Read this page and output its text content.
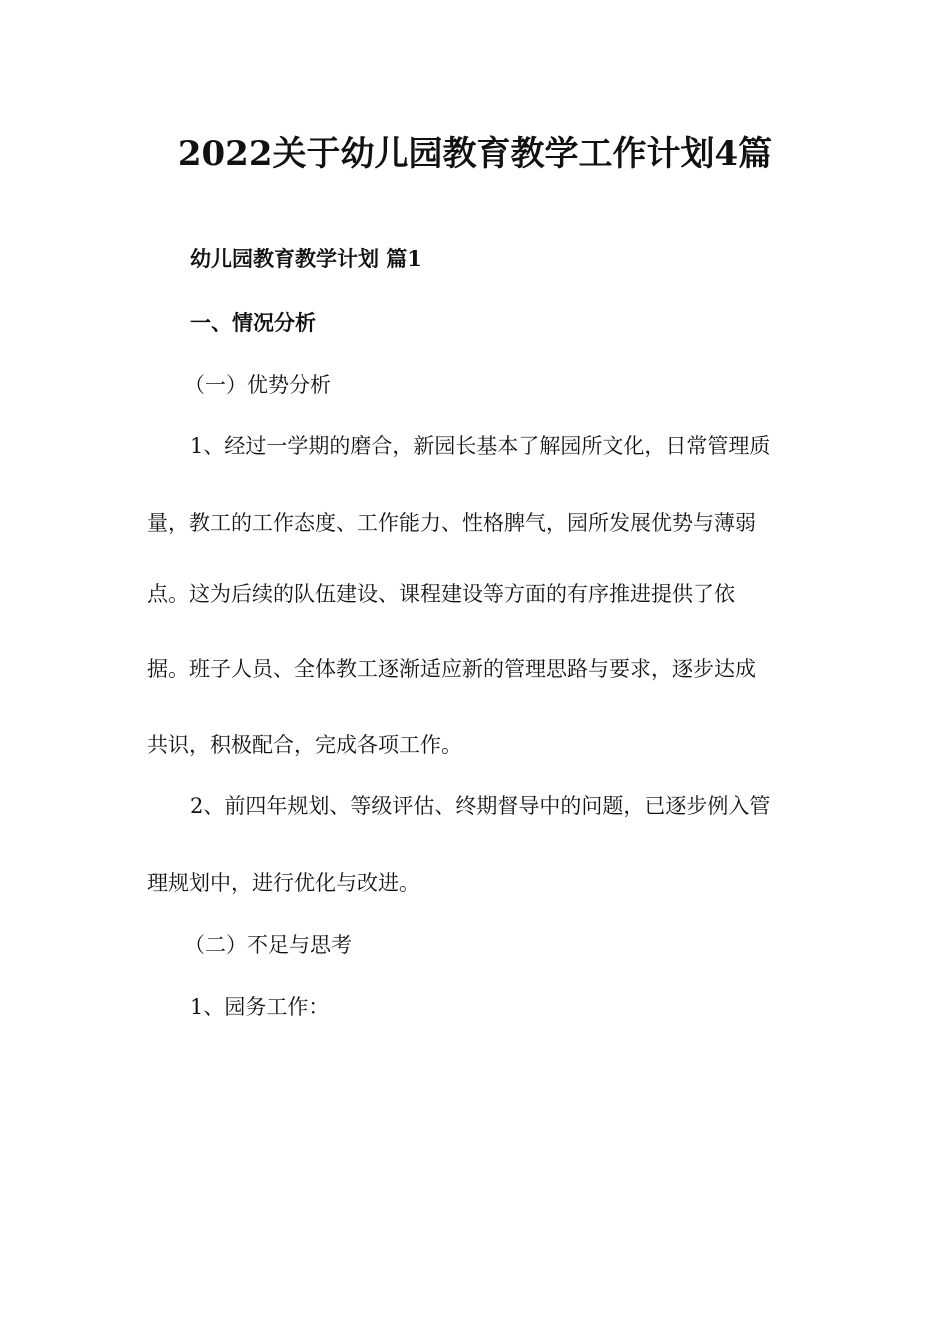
2022关于幼儿园教育教学工作计划4篇
幼儿园教育教学计划 篇1
一、情况分析
（一）优势分析
1、经过一学期的磨合，新园长基本了解园所文化，日常管理质
量，教工的工作态度、工作能力、性格脾气，园所发展优势与薄弱
点。这为后续的队伍建设、课程建设等方面的有序推进提供了依
据。班子人员、全体教工逐渐适应新的管理思路与要求，逐步达成
共识，积极配合，完成各项工作。
2、前四年规划、等级评估、终期督导中的问题，已逐步例入管
理规划中，进行优化与改进。
（二）不足与思考
1、园务工作：
